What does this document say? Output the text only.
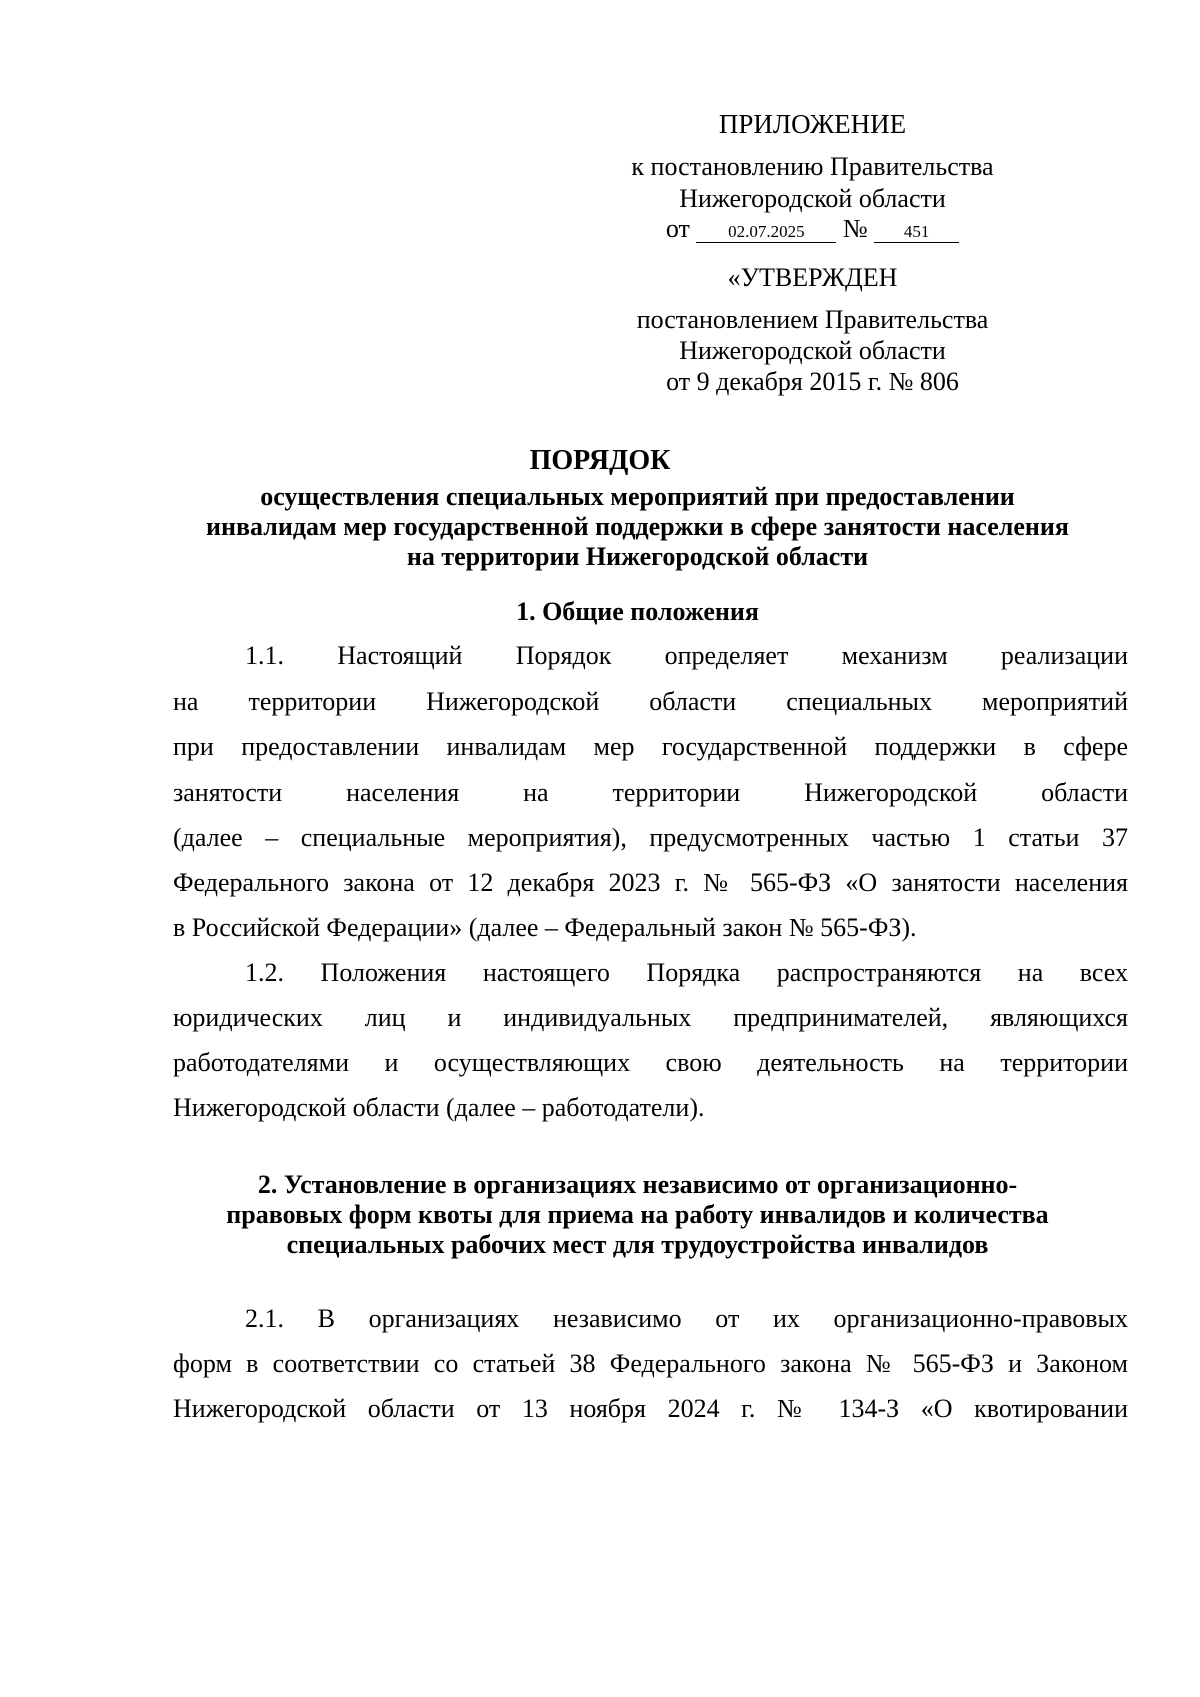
ПРИЛОЖЕНИЕ
к постановлению Правительства
Нижегородской области
от 02.07.2025 № 451
«УТВЕРЖДЕН
постановлением Правительства
Нижегородской области
от 9 декабря 2015 г. № 806
ПОРЯДОК
осуществления специальных мероприятий при предоставлении
инвалидам мер государственной поддержки в сфере занятости населения
на территории Нижегородской области
1. Общие положения
1.1. Настоящий Порядок определяет механизм реализации
на территории Нижегородской области специальных мероприятий
при предоставлении инвалидам мер государственной поддержки в сфере
занятости населения на территории Нижегородской области
(далее – специальные мероприятия), предусмотренных частью 1 статьи 37
Федерального закона от 12 декабря 2023 г. № 565-ФЗ «О занятости населения
в Российской Федерации» (далее – Федеральный закон № 565-ФЗ).
1.2. Положения настоящего Порядка распространяются на всех
юридических лиц и индивидуальных предпринимателей, являющихся
работодателями и осуществляющих свою деятельность на территории
Нижегородской области (далее – работодатели).
2. Установление в организациях независимо от организационно-
правовых форм квоты для приема на работу инвалидов и количества
специальных рабочих мест для трудоустройства инвалидов
2.1. В организациях независимо от их организационно-правовых
форм в соответствии со статьей 38 Федерального закона № 565-ФЗ и Законом
Нижегородской области от 13 ноября 2024 г. № 134-З «О квотировании
